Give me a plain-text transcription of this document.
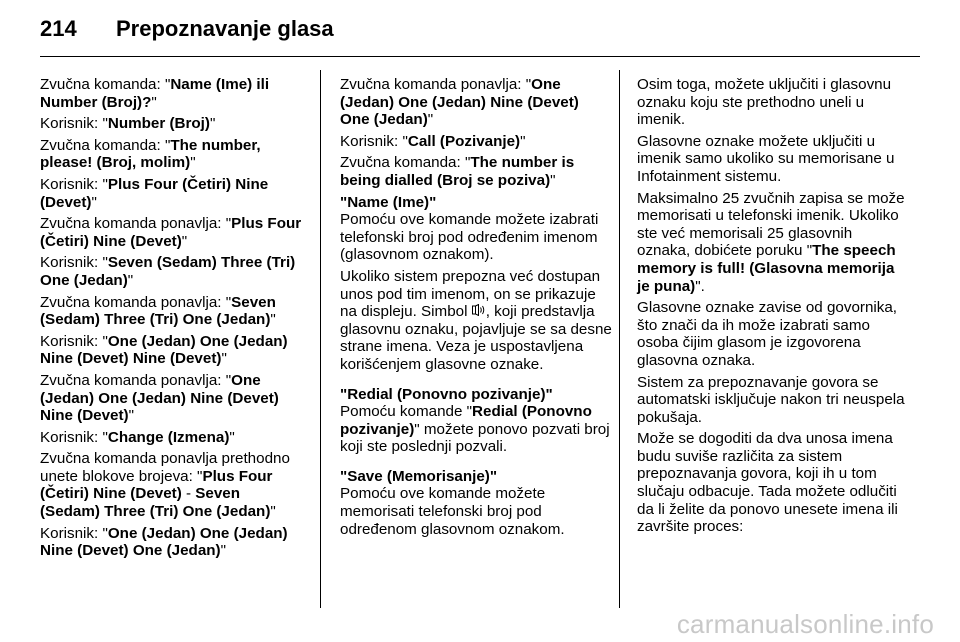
214	Prepoznavanje glasa

Zvučna komanda: "Name (Ime) ili Number (Broj)?"

Korisnik: "Number (Broj)"

Zvučna komanda: "The number, please! (Broj, molim)"

Korisnik: "Plus Four (Četiri) Nine (Devet)"

Zvučna komanda ponavlja: "Plus Four (Četiri) Nine (Devet)"

Korisnik: "Seven (Sedam) Three (Tri) One (Jedan)"

Zvučna komanda ponavlja: "Seven (Sedam) Three (Tri) One (Jedan)"

Korisnik: "One (Jedan) One (Jedan) Nine (Devet) Nine (Devet)"

Zvučna komanda ponavlja: "One (Jedan) One (Jedan) Nine (Devet) Nine (Devet)"

Korisnik: "Change (Izmena)"

Zvučna komanda ponavlja prethodno unete blokove brojeva: "Plus Four (Četiri) Nine (Devet) - Seven (Sedam) Three (Tri) One (Jedan)"

Korisnik: "One (Jedan) One (Jedan) Nine (Devet) One (Jedan)"

Zvučna komanda ponavlja: "One (Jedan) One (Jedan) Nine (Devet) One (Jedan)"

Korisnik: "Call (Pozivanje)"

Zvučna komanda: "The number is being dialled (Broj se poziva)"

"Name (Ime)"
Pomoću ove komande možete izabrati telefonski broj pod određenim imenom (glasovnom oznakom).

Ukoliko sistem prepozna već dostupan unos pod tim imenom, on se prikazuje na displeju. Simbol , koji predstavlja glasovnu oznaku, pojavljuje se sa desne strane imena. Veza je uspostavljena korišćenjem glasovne oznake.

"Redial (Ponovno pozivanje)"
Pomoću komande "Redial (Ponovno pozivanje)" možete ponovo pozvati broj koji ste poslednji pozvali.

"Save (Memorisanje)"
Pomoću ove komande možete memorisati telefonski broj pod određenom glasovnom oznakom.

Osim toga, možete uključiti i glasovnu oznaku koju ste prethodno uneli u imenik.

Glasovne oznake možete uključiti u imenik samo ukoliko su memorisane u Infotainment sistemu.

Maksimalno 25 zvučnih zapisa se može memorisati u telefonski imenik. Ukoliko ste već memorisali 25 glasovnih oznaka, dobićete poruku "The speech memory is full! (Glasovna memorija je puna)".

Glasovne oznake zavise od govornika, što znači da ih može izabrati samo osoba čijim glasom je izgovorena glasovna oznaka.

Sistem za prepoznavanje govora se automatski isključuje nakon tri neuspela pokušaja.

Može se dogoditi da dva unosa imena budu suviše različita za sistem prepoznavanja govora, koji ih u tom slučaju odbacuje. Tada možete odlučiti da li želite da ponovo unesete imena ili završite proces:

carmanualsonline.info
